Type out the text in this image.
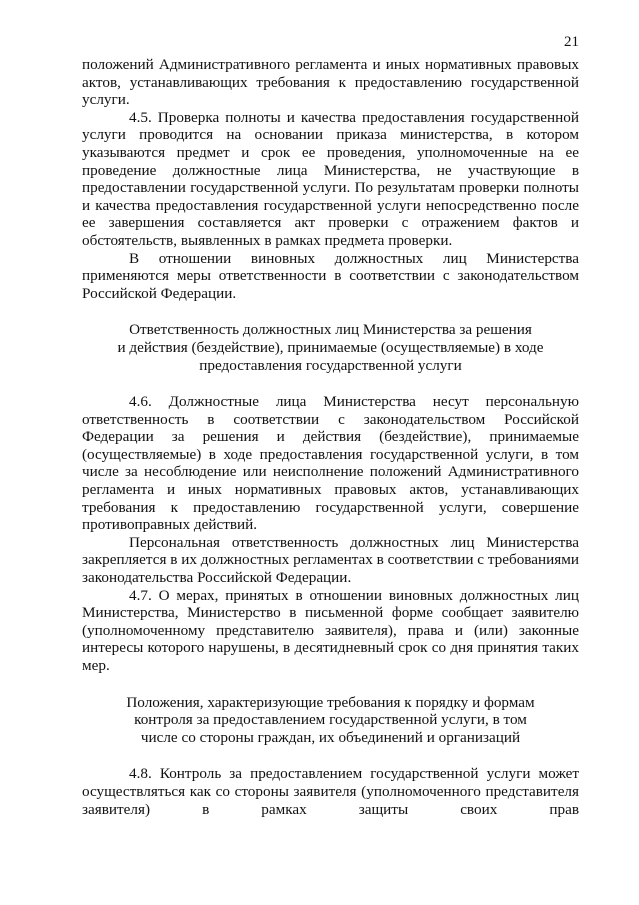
21

положений Административного регламента и иных нормативных правовых актов, устанавливающих требования к предоставлению государственной услуги.

4.5. Проверка полноты и качества предоставления государственной услуги проводится на основании приказа министерства, в котором указываются предмет и срок ее проведения, уполномоченные на ее проведение должностные лица Министерства, не участвующие в предоставлении государственной услуги. По результатам проверки полноты и качества предоставления государственной услуги непосредственно после ее завершения составляется акт проверки с отражением фактов и обстоятельств, выявленных в рамках предмета проверки.

В отношении виновных должностных лиц Министерства применяются меры ответственности в соответствии с законодательством Российской Федерации.

Ответственность должностных лиц Министерства за решения
и действия (бездействие), принимаемые (осуществляемые) в ходе
предоставления государственной услуги

4.6. Должностные лица Министерства несут персональную ответственность в соответствии с законодательством Российской Федерации за решения и действия (бездействие), принимаемые (осуществляемые) в ходе предоставления государственной услуги, в том числе за несоблюдение или неисполнение положений Административного регламента и иных нормативных правовых актов, устанавливающих требования к предоставлению государственной услуги, совершение противоправных действий.

Персональная ответственность должностных лиц Министерства закрепляется в их должностных регламентах в соответствии с требованиями законодательства Российской Федерации.

4.7. О мерах, принятых в отношении виновных должностных лиц Министерства, Министерство в письменной форме сообщает заявителю (уполномоченному представителю заявителя), права и (или) законные интересы которого нарушены, в десятидневный срок со дня принятия таких мер.

Положения, характеризующие требования к порядку и формам
контроля за предоставлением государственной услуги, в том
числе со стороны граждан, их объединений и организаций

4.8. Контроль за предоставлением государственной услуги может осуществляться как со стороны заявителя (уполномоченного представителя заявителя) в рамках защиты своих прав
